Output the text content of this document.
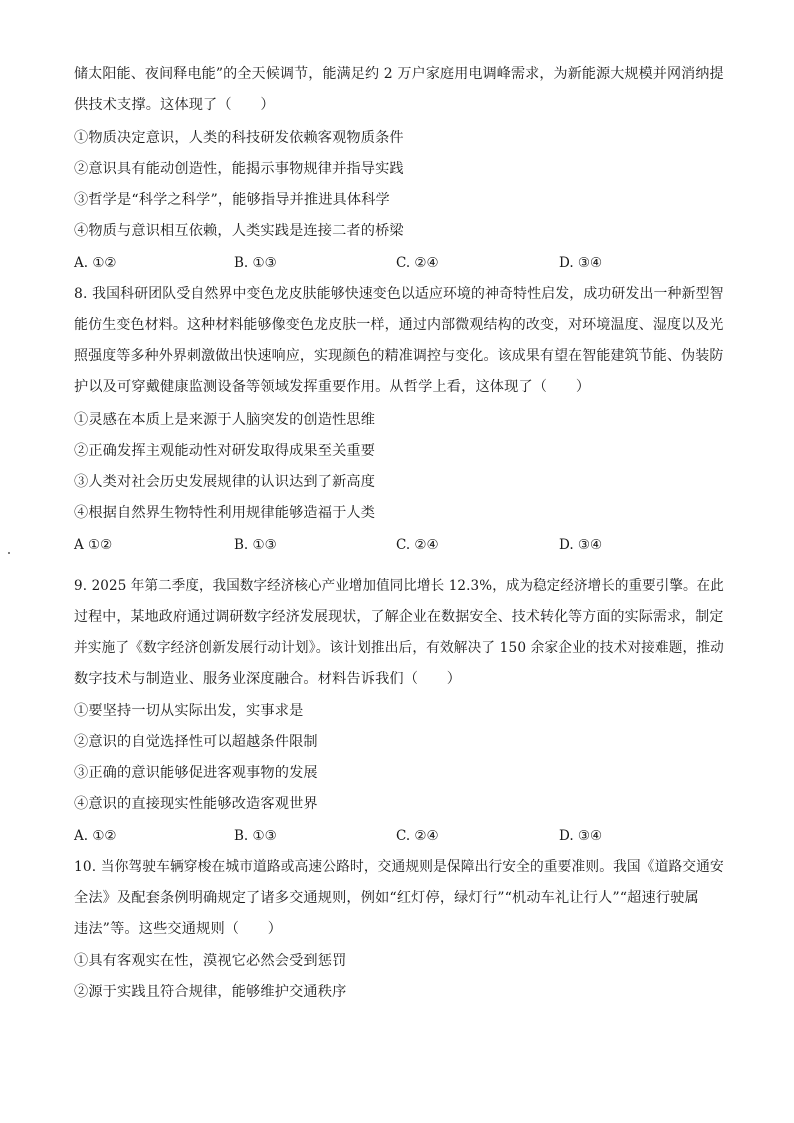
储太阳能、夜间释电能”的全天候调节，能满足约 2 万户家庭用电调峰需求，为新能源大规模并网消纳提
供技术支撑。这体现了（　　）
①物质决定意识，人类的科技研发依赖客观物质条件
②意识具有能动创造性，能揭示事物规律并指导实践
③哲学是“科学之科学”，能够指导并推进具体科学
④物质与意识相互依赖，人类实践是连接二者的桥梁
A. ①②	B. ①③	C. ②④	D. ③④
8. 我国科研团队受自然界中变色龙皮肤能够快速变色以适应环境的神奇特性启发，成功研发出一种新型智
能仿生变色材料。这种材料能够像变色龙皮肤一样，通过内部微观结构的改变，对环境温度、湿度以及光
照强度等多种外界刺激做出快速响应，实现颜色的精准调控与变化。该成果有望在智能建筑节能、伪装防
护以及可穿戴健康监测设备等领域发挥重要作用。从哲学上看，这体现了（　　）
①灵感在本质上是来源于人脑突发的创造性思维
②正确发挥主观能动性对研发取得成果至关重要
③人类对社会历史发展规律的认识达到了新高度
④根据自然界生物特性利用规律能够造福于人类
A ①②	B. ①③	C. ②④	D. ③④
9. 2025 年第二季度，我国数字经济核心产业增加值同比增长 12.3%，成为稳定经济增长的重要引擎。在此
过程中，某地政府通过调研数字经济发展现状，了解企业在数据安全、技术转化等方面的实际需求，制定
并实施了《数字经济创新发展行动计划》。该计划推出后，有效解决了 150 余家企业的技术对接难题，推动
数字技术与制造业、服务业深度融合。材料告诉我们（　　）
①要坚持一切从实际出发，实事求是
②意识的自觉选择性可以超越条件限制
③正确的意识能够促进客观事物的发展
④意识的直接现实性能够改造客观世界
A. ①②	B. ①③	C. ②④	D. ③④
10. 当你驾驶车辆穿梭在城市道路或高速公路时，交通规则是保障出行安全的重要准则。我国《道路交通安
全法》及配套条例明确规定了诸多交通规则，例如“红灯停，绿灯行”“机动车礼让行人”“超速行驶属
违法”等。这些交通规则（　　）
①具有客观实在性，漠视它必然会受到惩罚
②源于实践且符合规律，能够维护交通秩序
